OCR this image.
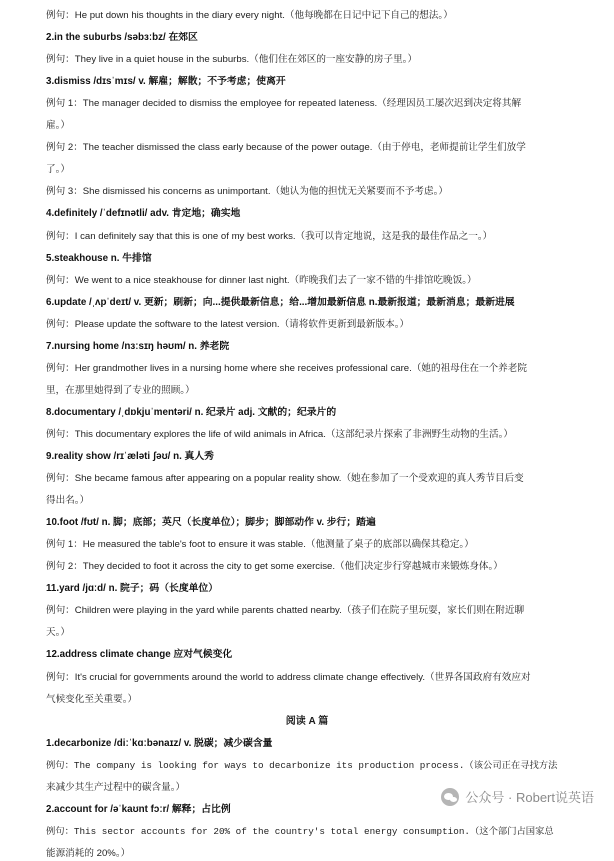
例句：He put down his thoughts in the diary every night.（他每晚都在日记中记下自己的想法。）
2.in the suburbs /səbɜːbz/ 在郊区
例句：They live in a quiet house in the suburbs.（他们住在郊区的一座安静的房子里。）
3.dismiss /dɪsˈmɪs/ v. 解雇；解散；不予考虑；使离开
例句 1：The manager decided to dismiss the employee for repeated lateness.（经理因员工屡次迟到决定将其解
雇。）
例句 2：The teacher dismissed the class early because of the power outage.（由于停电，老师提前让学生们放学
了。）
例句 3：She dismissed his concerns as unimportant.（她认为他的担忧无关紧要而不予考虑。）
4.definitely /ˈdefɪnətli/ adv. 肯定地；确实地
例句：I can definitely say that this is one of my best works.（我可以肯定地说，这是我的最佳作品之一。）
5.steakhouse n. 牛排馆
例句：We went to a nice steakhouse for dinner last night.（昨晚我们去了一家不错的牛排馆吃晚饭。）
6.update /ˌʌpˈdeɪt/ v. 更新；刷新；向...提供最新信息；给...增加最新信息 n.最新报道；最新消息；最新进展
例句：Please update the software to the latest version.（请将软件更新到最新版本。）
7.nursing home /nɜːsɪŋ həʊm/ n. 养老院
例句：Her grandmother lives in a nursing home where she receives professional care.（她的祖母住在一个养老院
里，在那里她得到了专业的照顾。）
8.documentary /ˌdɒkjuˈmentəri/ n. 纪录片 adj. 文献的；纪录片的
例句：This documentary explores the life of wild animals in Africa.（这部纪录片探索了非洲野生动物的生活。）
9.reality show /rɪˈæləti ʃəʊ/ n. 真人秀
例句：She became famous after appearing on a popular reality show.（她在参加了一个受欢迎的真人秀节目后变
得出名。）
10.foot /fʊt/ n. 脚；底部；英尺（长度单位）；脚步；脚部动作 v. 步行；踏遍
例句 1：He measured the table's foot to ensure it was stable.（他测量了桌子的底部以确保其稳定。）
例句 2：They decided to foot it across the city to get some exercise.（他们决定步行穿越城市来锻炼身体。）
11.yard /jɑːd/ n. 院子；码（长度单位）
例句：Children were playing in the yard while parents chatted nearby.（孩子们在院子里玩耍，家长们则在附近聊
天。）
12.address climate change 应对气候变化
例句：It's crucial for governments around the world to address climate change effectively.（世界各国政府有效应对
气候变化至关重要。）
阅读 A 篇
1.decarbonize /diːˈkɑːbənaɪz/ v. 脱碳；减少碳含量
例句：The company is looking for ways to decarbonize its production process.（该公司正在寻找方法
来减少其生产过程中的碳含量。）
2.account for /əˈkaʊnt fɔːr/ 解释；占比例
例句：This sector accounts for 20% of the country's total energy consumption.（这个部门占国家总
能源消耗的 20%。）
公众号 · Robert说英语
